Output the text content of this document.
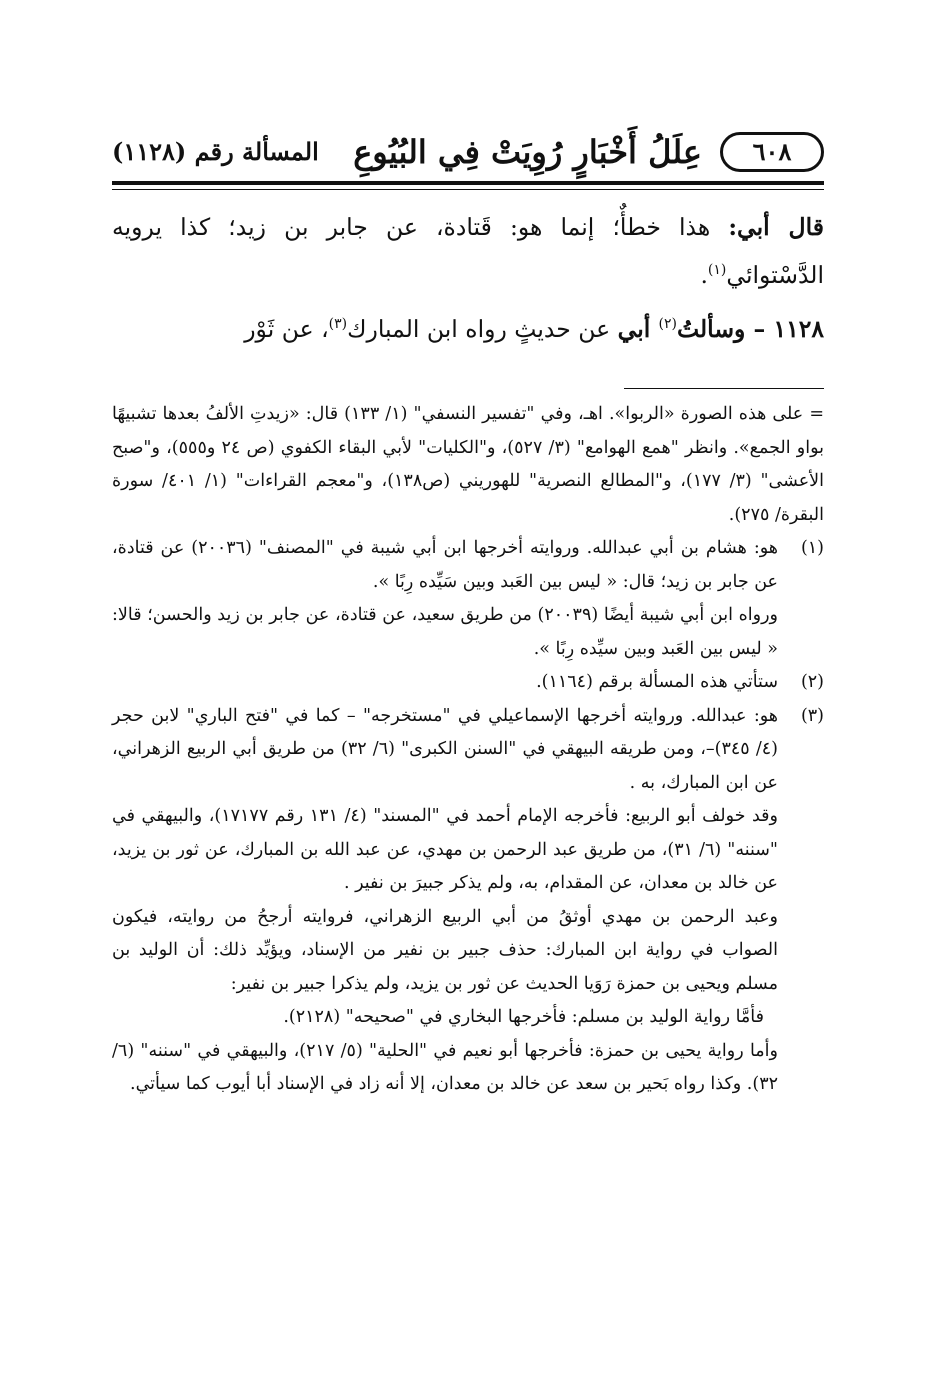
٦٠٨
عِلَلُ أَخْبَارٍ رُوِيَتْ فِي البُيُوعِ
المسألة رقم (١١٢٨)

قال أبي: هذا خطأٌ؛ إنما هو: قَتادة، عن جابر بن زيد؛ كذا يرويه الدَّسْتوائي$^{(١)}$.

١١٢٨ – وسألتُ$^{(٢)}$ أبي عن حديثٍ رواه ابن المبارك$^{(٣)}$، عن ثَوْر

= على هذه الصورة «الربوا». اهـ، وفي "تفسير النسفي" (١/ ١٣٣) قال: «زيدتِ الألفُ بعدها تشبيهًا بواو الجمع». وانظر "همع الهوامع" (٣/ ٥٢٧)، و"الكليات" لأبي البقاء الكفوي (ص ٢٤ و٥٥٥)، و"صبح الأعشى" (٣/ ١٧٧)، و"المطالع النصرية" للهوريني (ص١٣٨)، و"معجم القراءات" (١/ ٤٠١/ سورة البقرة/ ٢٧٥).

(١)

هو: هشام بن أبي عبدالله. وروايته أخرجها ابن أبي شيبة في "المصنف" (٢٠٠٣٦) عن قتادة، عن جابر بن زيد؛ قال: « ليس بين العَبد وبين سَيِّده رِبًا ».

ورواه ابن أبي شيبة أيضًا (٢٠٠٣٩) من طريق سعيد، عن قتادة، عن جابر بن زيد والحسن؛ قالا: « ليس بين العَبد وبين سيِّده رِبًا ».

(٢)

ستأتي هذه المسألة برقم (١١٦٤).

(٣)

هو: عبدالله. وروايته أخرجها الإسماعيلي في "مستخرجه" – كما في "فتح الباري" لابن حجر (٤/ ٣٤٥)–، ومن طريقه البيهقي في "السنن الكبرى" (٦/ ٣٢) من طريق أبي الربيع الزهراني، عن ابن المبارك، به .

وقد خولف أبو الربيع: فأخرجه الإمام أحمد في "المسند" (٤/ ١٣١ رقم ١٧١٧٧)، والبيهقي في "سننه" (٦/ ٣١)، من طريق عبد الرحمن بن مهدي، عن عبد الله بن المبارك، عن ثور بن يزيد، عن خالد بن معدان، عن المقدام، به، ولم يذكر جبيرَ بن نفير .

وعبد الرحمن بن مهدي أوثقُ من أبي الربيع الزهراني، فروايته أرجحُ من روايته، فيكون الصواب في رواية ابن المبارك: حذف جبير بن نفير من الإسناد، ويؤيِّد ذلك: أن الوليد بن مسلم ويحيى بن حمزة رَوَيا الحديث عن ثور بن يزيد، ولم يذكرا جبير بن نفير:

فأمَّا رواية الوليد بن مسلم: فأخرجها البخاري في "صحيحه" (٢١٢٨).

وأما رواية يحيى بن حمزة: فأخرجها أبو نعيم في "الحلية" (٥/ ٢١٧)، والبيهقي في "سننه" (٦/ ٣٢). وكذا رواه بَحير بن سعد عن خالد بن معدان، إلا أنه زاد في الإسناد أبا أيوب كما سيأتي.
